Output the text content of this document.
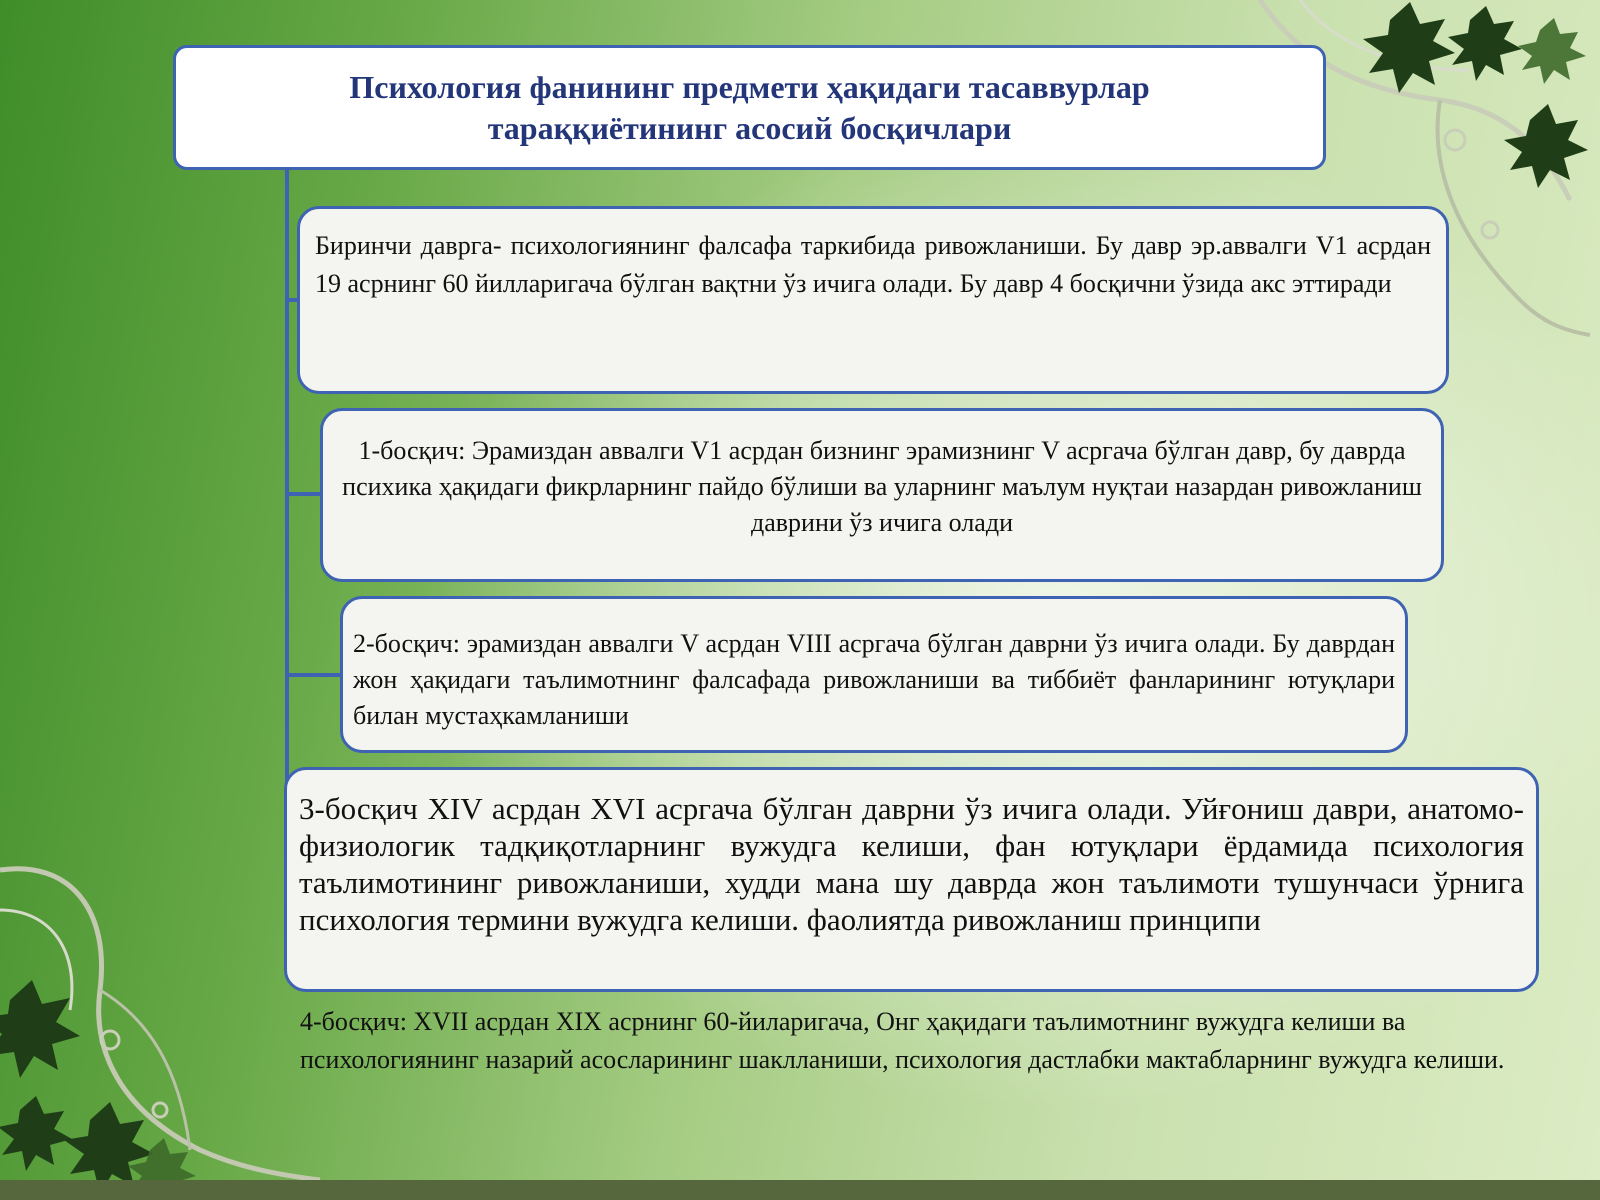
Психология фанининг предмети ҳақидаги тасаввурлар
тараққиётининг асосий босқичлари

Биринчи даврга- психологиянинг фалсафа таркибида ривожланиши. Бу давр эр.аввалги V1 асрдан 19 асрнинг 60 йилларигача бўлган вақтни ўз ичига олади. Бу давр 4 босқични ўзида акс эттиради

1-босқич: Эрамиздан аввалги V1 асрдан бизнинг эрамизнинг V асргача бўлган давр, бу даврда психика ҳақидаги фикрларнинг пайдо бўлиши ва уларнинг маълум нуқтаи назардан ривожланиш даврини ўз ичига олади

2-босқич: эрамиздан аввалги V асрдан VIII асргача бўлган даврни ўз ичига олади. Бу даврдан жон ҳақидаги таълимотнинг фалсафада ривожланиши ва тиббиёт фанларининг ютуқлари билан мустаҳкамланиши

3-босқич XIV асрдан XVI асргача бўлган даврни ўз ичига олади. Уйғониш даври, анатомо-физиологик тадқиқотларнинг вужудга келиши, фан ютуқлари ёрдамида психология таълимотининг ривожланиши, худди мана шу даврда жон таълимоти тушунчаси ўрнига психология термини вужудга келиши. фаолиятда ривожланиш принципи

4-босқич: XVII асрдан XIX асрнинг 60-йиларигача, Онг ҳақидаги таълимотнинг вужудга келиши ва психологиянинг назарий асосларининг шаклланиши, психология дастлабки мактабларнинг вужудга келиши.
